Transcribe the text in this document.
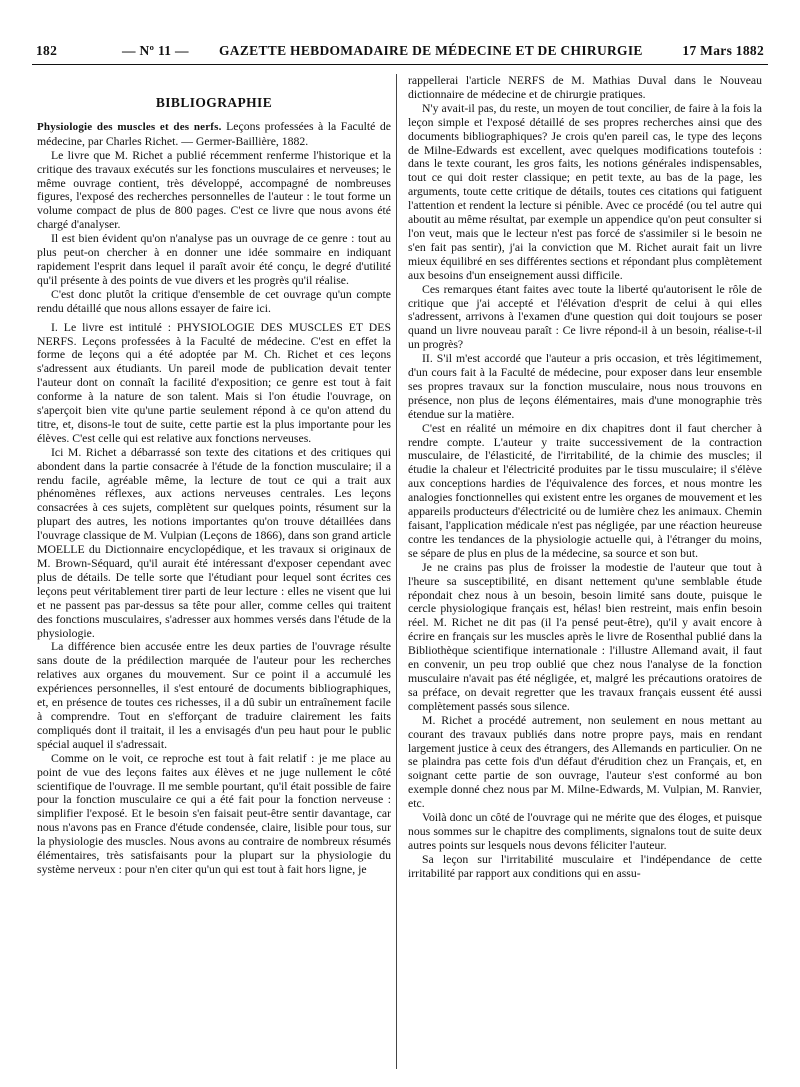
182	— Nº 11 — GAZETTE HEBDOMADAIRE DE MÉDECINE ET DE CHIRURGIE	17 Mars 1882
BIBLIOGRAPHIE

Physiologie des muscles et des nerfs. Leçons professées à la Faculté de médecine, par Charles Richet. — Germer-Baillière, 1882.

Le livre que M. Richet a publié récemment renferme l'historique et la critique des travaux exécutés sur les fonctions musculaires et nerveuses; le même ouvrage contient, très développé, accompagné de nombreuses figures, l'exposé des recherches personnelles de l'auteur : le tout forme un volume compact de plus de 800 pages. C'est ce livre que nous avons été chargé d'analyser.

Il est bien évident qu'on n'analyse pas un ouvrage de ce genre : tout au plus peut-on chercher à en donner une idée sommaire en indiquant rapidement l'esprit dans lequel il paraît avoir été conçu, le degré d'utilité qu'il présente à des points de vue divers et les progrès qu'il réalise.

C'est donc plutôt la critique d'ensemble de cet ouvrage qu'un compte rendu détaillé que nous allons essayer de faire ici.

I. Le livre est intitulé : PHYSIOLOGIE DES MUSCLES ET DES NERFS. Leçons professées à la Faculté de médecine. C'est en effet la forme de leçons qui a été adoptée par M. Ch. Richet et ces leçons s'adressent aux étudiants. Un pareil mode de publication devait tenter l'auteur dont on connaît la facilité d'exposition; ce genre est tout à fait conforme à la nature de son talent. Mais si l'on étudie l'ouvrage, on s'aperçoit bien vite qu'une partie seulement répond à ce qu'on attend du titre, et, disons-le tout de suite, cette partie est la plus importante pour les élèves. C'est celle qui est relative aux fonctions nerveuses.

Ici M. Richet a débarrassé son texte des citations et des critiques qui abondent dans la partie consacrée à l'étude de la fonction musculaire; il a rendu facile, agréable même, la lecture de tout ce qui a trait aux phénomènes réflexes, aux actions nerveuses centrales. Les leçons consacrées à ces sujets, complètent sur quelques points, résument sur la plupart des autres, les notions importantes qu'on trouve détaillées dans l'ouvrage classique de M. Vulpian (Leçons de 1866), dans son grand article MOELLE du Dictionnaire encyclopédique, et les travaux si originaux de M. Brown-Séquard, qu'il aurait été intéressant d'exposer cependant avec plus de détails. De telle sorte que l'étudiant pour lequel sont écrites ces leçons peut véritablement tirer parti de leur lecture : elles ne visent que lui et ne passent pas par-dessus sa tête pour aller, comme celles qui traitent des fonctions musculaires, s'adresser aux hommes versés dans l'étude de la physiologie.

La différence bien accusée entre les deux parties de l'ouvrage résulte sans doute de la prédilection marquée de l'auteur pour les recherches relatives aux organes du mouvement. Sur ce point il a accumulé les expériences personnelles, il s'est entouré de documents bibliographiques, et, en présence de toutes ces richesses, il a dû subir un entraînement facile à comprendre. Tout en s'efforçant de traduire clairement les faits compliqués dont il traitait, il les a envisagés d'un peu haut pour le public spécial auquel il s'adressait.

Comme on le voit, ce reproche est tout à fait relatif : je me place au point de vue des leçons faites aux élèves et ne juge nullement le côté scientifique de l'ouvrage. Il me semble pourtant, qu'il était possible de faire pour la fonction musculaire ce qui a été fait pour la fonction nerveuse : simplifier l'exposé. Et le besoin s'en faisait peut-être sentir davantage, car nous n'avons pas en France d'étude condensée, claire, lisible pour tous, sur la physiologie des muscles. Nous avons au contraire de nombreux résumés élémentaires, très satisfaisants pour la plupart sur la physiologie du système nerveux : pour n'en citer qu'un qui est tout à fait hors ligne, je

rappellerai l'article NERFS de M. Mathias Duval dans le Nouveau dictionnaire de médecine et de chirurgie pratiques.

N'y avait-il pas, du reste, un moyen de tout concilier, de faire à la fois la leçon simple et l'exposé détaillé de ses propres recherches ainsi que des documents bibliographiques? Je crois qu'en pareil cas, le type des leçons de Milne-Edwards est excellent, avec quelques modifications toutefois : dans le texte courant, les gros faits, les notions générales indispensables, tout ce qui doit rester classique; en petit texte, au bas de la page, les arguments, toute cette critique de détails, toutes ces citations qui fatiguent l'attention et rendent la lecture si pénible. Avec ce procédé (ou tel autre qui aboutit au même résultat, par exemple un appendice qu'on peut consulter si l'on veut, mais que le lecteur n'est pas forcé de s'assimiler si le besoin ne s'en fait pas sentir), j'ai la conviction que M. Richet aurait fait un livre mieux équilibré en ses différentes sections et répondant plus complètement aux besoins d'un enseignement aussi difficile.

Ces remarques étant faites avec toute la liberté qu'autorisent le rôle de critique que j'ai accepté et l'élévation d'esprit de celui à qui elles s'adressent, arrivons à l'examen d'une question qui doit toujours se poser quand un livre nouveau paraît : Ce livre répond-il à un besoin, réalise-t-il un progrès?

II. S'il m'est accordé que l'auteur a pris occasion, et très légitimement, d'un cours fait à la Faculté de médecine, pour exposer dans leur ensemble ses propres travaux sur la fonction musculaire, nous nous trouvons en présence, non plus de leçons élémentaires, mais d'une monographie très étendue sur la matière.

C'est en réalité un mémoire en dix chapitres dont il faut chercher à rendre compte. L'auteur y traite successivement de la contraction musculaire, de l'élasticité, de l'irritabilité, de la chimie des muscles; il étudie la chaleur et l'électricité produites par le tissu musculaire; il s'élève aux conceptions hardies de l'équivalence des forces, et nous montre les analogies fonctionnelles qui existent entre les organes de mouvement et les appareils producteurs d'électricité ou de lumière chez les animaux. Chemin faisant, l'application médicale n'est pas négligée, par une réaction heureuse contre les tendances de la physiologie actuelle qui, à l'étranger du moins, se sépare de plus en plus de la médecine, sa source et son but.

Je ne crains pas plus de froisser la modestie de l'auteur que tout à l'heure sa susceptibilité, en disant nettement qu'une semblable étude répondait chez nous à un besoin, besoin limité sans doute, puisque le cercle physiologique français est, hélas! bien restreint, mais enfin besoin réel. M. Richet ne dit pas (il l'a pensé peut-être), qu'il y avait encore à écrire en français sur les muscles après le livre de Rosenthal publié dans la Bibliothèque scientifique internationale : l'illustre Allemand avait, il faut en convenir, un peu trop oublié que chez nous l'analyse de la fonction musculaire n'avait pas été négligée, et, malgré les précautions oratoires de sa préface, on devait regretter que les travaux français eussent été aussi complètement passés sous silence.

M. Richet a procédé autrement, non seulement en nous mettant au courant des travaux publiés dans notre propre pays, mais en rendant largement justice à ceux des étrangers, des Allemands en particulier. On ne se plaindra pas cette fois d'un défaut d'érudition chez un Français, et, en soignant cette partie de son ouvrage, l'auteur s'est conformé au bon exemple donné chez nous par M. Milne-Edwards, M. Vulpian, M. Ranvier, etc.

Voilà donc un côté de l'ouvrage qui ne mérite que des éloges, et puisque nous sommes sur le chapitre des compliments, signalons tout de suite deux autres points sur lesquels nous devons féliciter l'auteur.

Sa leçon sur l'irritabilité musculaire et l'indépendance de cette irritabilité par rapport aux conditions qui en assu-
